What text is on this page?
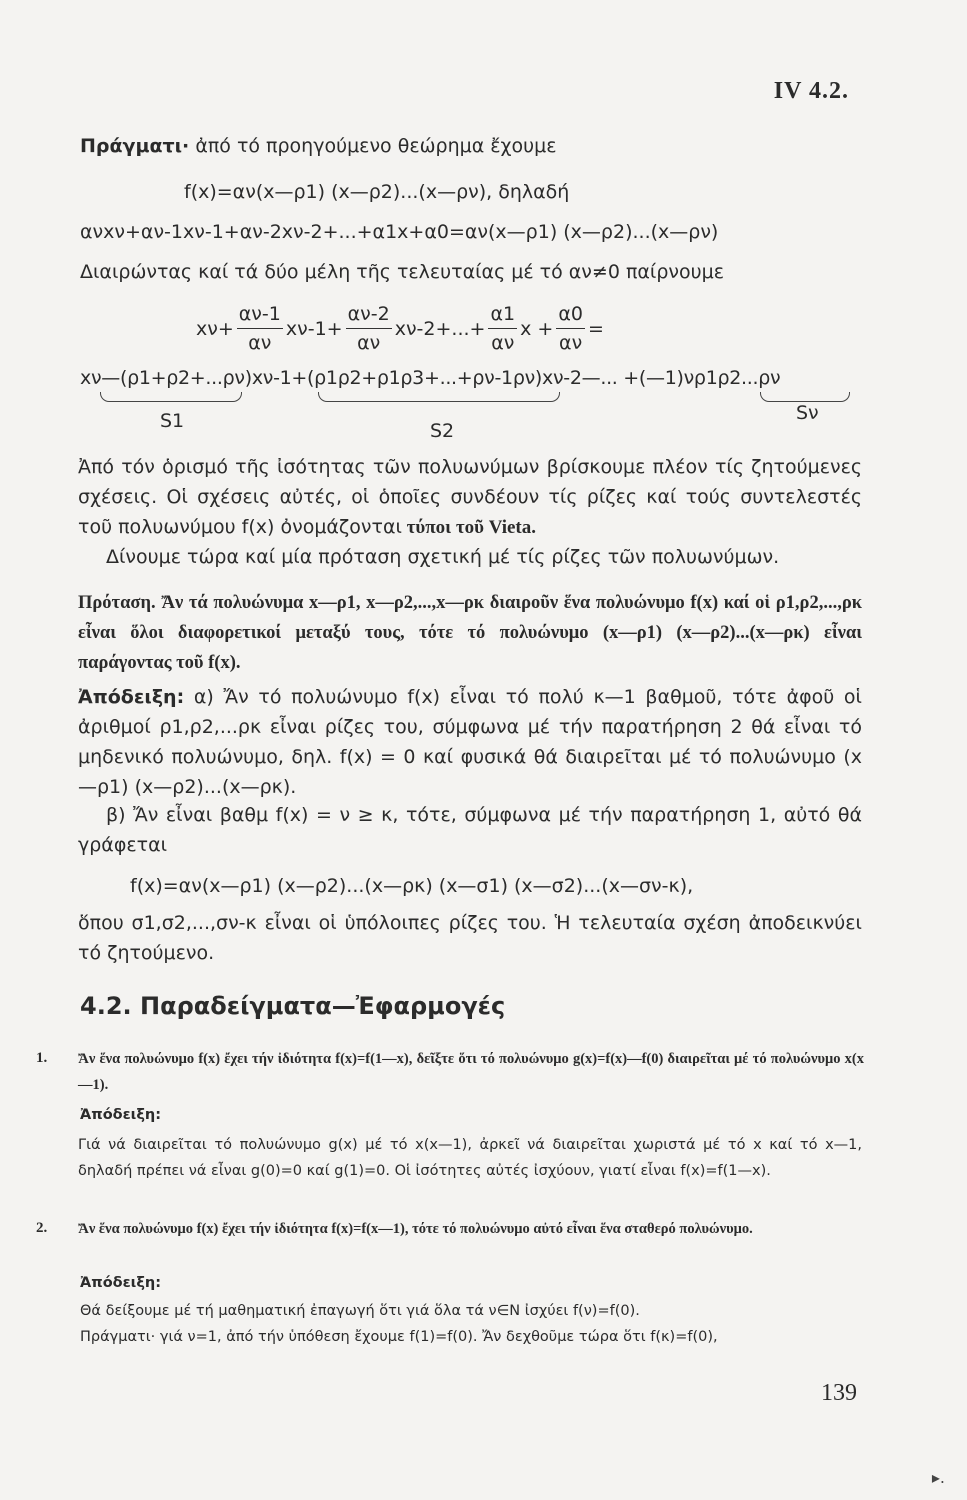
IV 4.2.
Πράγματι· ἀπό τό προηγούμενο θεώρημα ἔχουμε
f(x)=αν(x—ρ1) (x—ρ2)...(x—ρν), δηλαδή
ανxν+αν-1xν-1+αν-2xν-2+...+α1x+α0=αν(x—ρ1) (x—ρ2)...(x—ρν)
Διαιρώντας καί τά δύο μέλη τῆς τελευταίας μέ τό αν≠0 παίρνουμε
$x\nu+ \frac{\alpha\nu-1}{\alpha\nu} x\nu-1+ \frac{\alpha\nu-2}{\alpha\nu} x\nu-2+...+ \frac{\alpha 1}{\alpha\nu}$ $x + \frac{\alpha 0}{\alpha\nu}$ =
xν—(ρ1+ρ2+...ρν)xν-1+(ρ1ρ2+ρ1ρ3+...+ρν-1ρν)xν-2—... +(—1)νρ1ρ2...ρν
S1	S2
Sν
Ἀπό τόν ὁρισμό τῆς ἰσότητας τῶν πολυωνύμων βρίσκουμε πλέον τίς ζητούμενες σχέσεις. Οἱ σχέσεις αὐτές, οἱ ὁποῖες συνδέουν τίς ρίζες καί τούς συντελεστές τοῦ πολυωνύμου f(x) ὀνομάζονται τύποι τοῦ Vieta.
Δίνουμε τώρα καί μία πρόταση σχετική μέ τίς ρίζες τῶν πολυωνύμων.
Πρόταση. Ἄν τά πολυώνυμα x—ρ1, x—ρ2,...,x—ρκ διαιροῦν ἕνα πολυώνυμο f(x) καί οἱ ρ1,ρ2,...,ρκ εἶναι ὅλοι διαφορετικοί μεταξύ τους, τότε τό πολυώνυμο (x—ρ1) (x—ρ2)...(x—ρκ) εἶναι παράγοντας τοῦ f(x).
Ἀπόδειξη: α) Ἄν τό πολυώνυμο f(x) εἶναι τό πολύ κ—1 βαθμοῦ, τότε ἀφοῦ οἱ ἀριθμοί ρ1,ρ2,...ρκ εἶναι ρίζες του, σύμφωνα μέ τήν παρατήρηση 2 θά εἶναι τό μηδενικό πολυώνυμο, δηλ. f(x) = 0 καί φυσικά θά διαιρεῖται μέ τό πολυώνυμο (x—ρ1) (x—ρ2)...(x—ρκ).
β) Ἄν εἶναι βαθμ f(x) = ν ≥ κ, τότε, σύμφωνα μέ τήν παρατήρηση 1, αὐτό θά γράφεται
f(x)=αν(x—ρ1) (x—ρ2)...(x—ρκ) (x—σ1) (x—σ2)...(x—σν-κ),
ὅπου σ1,σ2,...,σν-κ εἶναι οἱ ὑπόλοιπες ρίζες του. Ἡ τελευταία σχέση ἀποδεικνύει τό ζητούμενο.
4.2. Παραδείγματα—Ἐφαρμογές
1. Ἄν ἕνα πολυώνυμο f(x) ἔχει τήν ἰδιότητα f(x)=f(1—x), δεῖξτε ὅτι τό πολυώνυμο g(x)=f(x)—f(0) διαιρεῖται μέ τό πολυώνυμο x(x—1).
Ἀπόδειξη:
Γιά νά διαιρεῖται τό πολυώνυμο g(x) μέ τό x(x—1), ἀρκεῖ νά διαιρεῖται χωριστά μέ τό x καί τό x—1, δηλαδή πρέπει νά εἶναι g(0)=0 καί g(1)=0. Οἱ ἰσότητες αὐτές ἰσχύουν, γιατί εἶναι f(x)=f(1—x).
2. Ἄν ἕνα πολυώνυμο f(x) ἔχει τήν ἰδιότητα f(x)=f(x—1), τότε τό πολυώνυμο αὐτό εἶναι ἕνα σταθερό πολυώνυμο.
Ἀπόδειξη:
Θά δείξουμε μέ τή μαθηματική ἐπαγωγή ὅτι γιά ὅλα τά ν∈N ἰσχύει f(ν)=f(0).
Πράγματι· γιά ν=1, ἀπό τήν ὑπόθεση ἔχουμε f(1)=f(0). Ἄν δεχθοῦμε τώρα ὅτι f(κ)=f(0),
139
▸.
